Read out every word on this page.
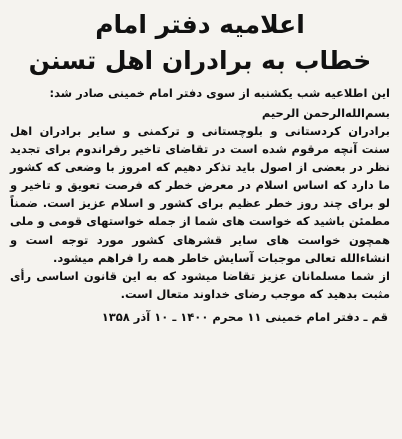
اعلامیه دفتر امام
خطاب به برادران اهل تسنن

این اطلاعیه شب یکشنبه از سوی دفتر امام خمینی صادر شد:

بسم‌الله‌الرحمن الرحیم

برادران کردستانی و بلوچستانی و ترکمنی و سایر برادران اهل سنت آنچه مرقوم شده است در تقاضای تاخیر رفراندوم برای تجدید نظر در بعضی از اصول باید تذکر دهیم که امروز با وضعی که کشور ما دارد که اساس اسلام در معرض خطر که فرصت تعویق و تاخیر و لو برای چند روز خطر عظیم برای کشور و اسلام عزیز است. ضمناً مطمئن باشید که خواست های شما از جمله خواستهای قومی و ملی همچون خواست های سایر قشرهای کشور مورد توجه است و انشاءالله تعالی موجبات آسایش خاطر همه را فراهم میشود.

از شما مسلمانان عزیز تقاضا میشود که به این قانون اساسی رأی مثبت بدهید که موجب رضای خداوند متعال است.

قم ـ دفتر امام خمینی ۱۱ محرم ۱۴۰۰ ـ ۱۰ آذر ۱۳۵۸
